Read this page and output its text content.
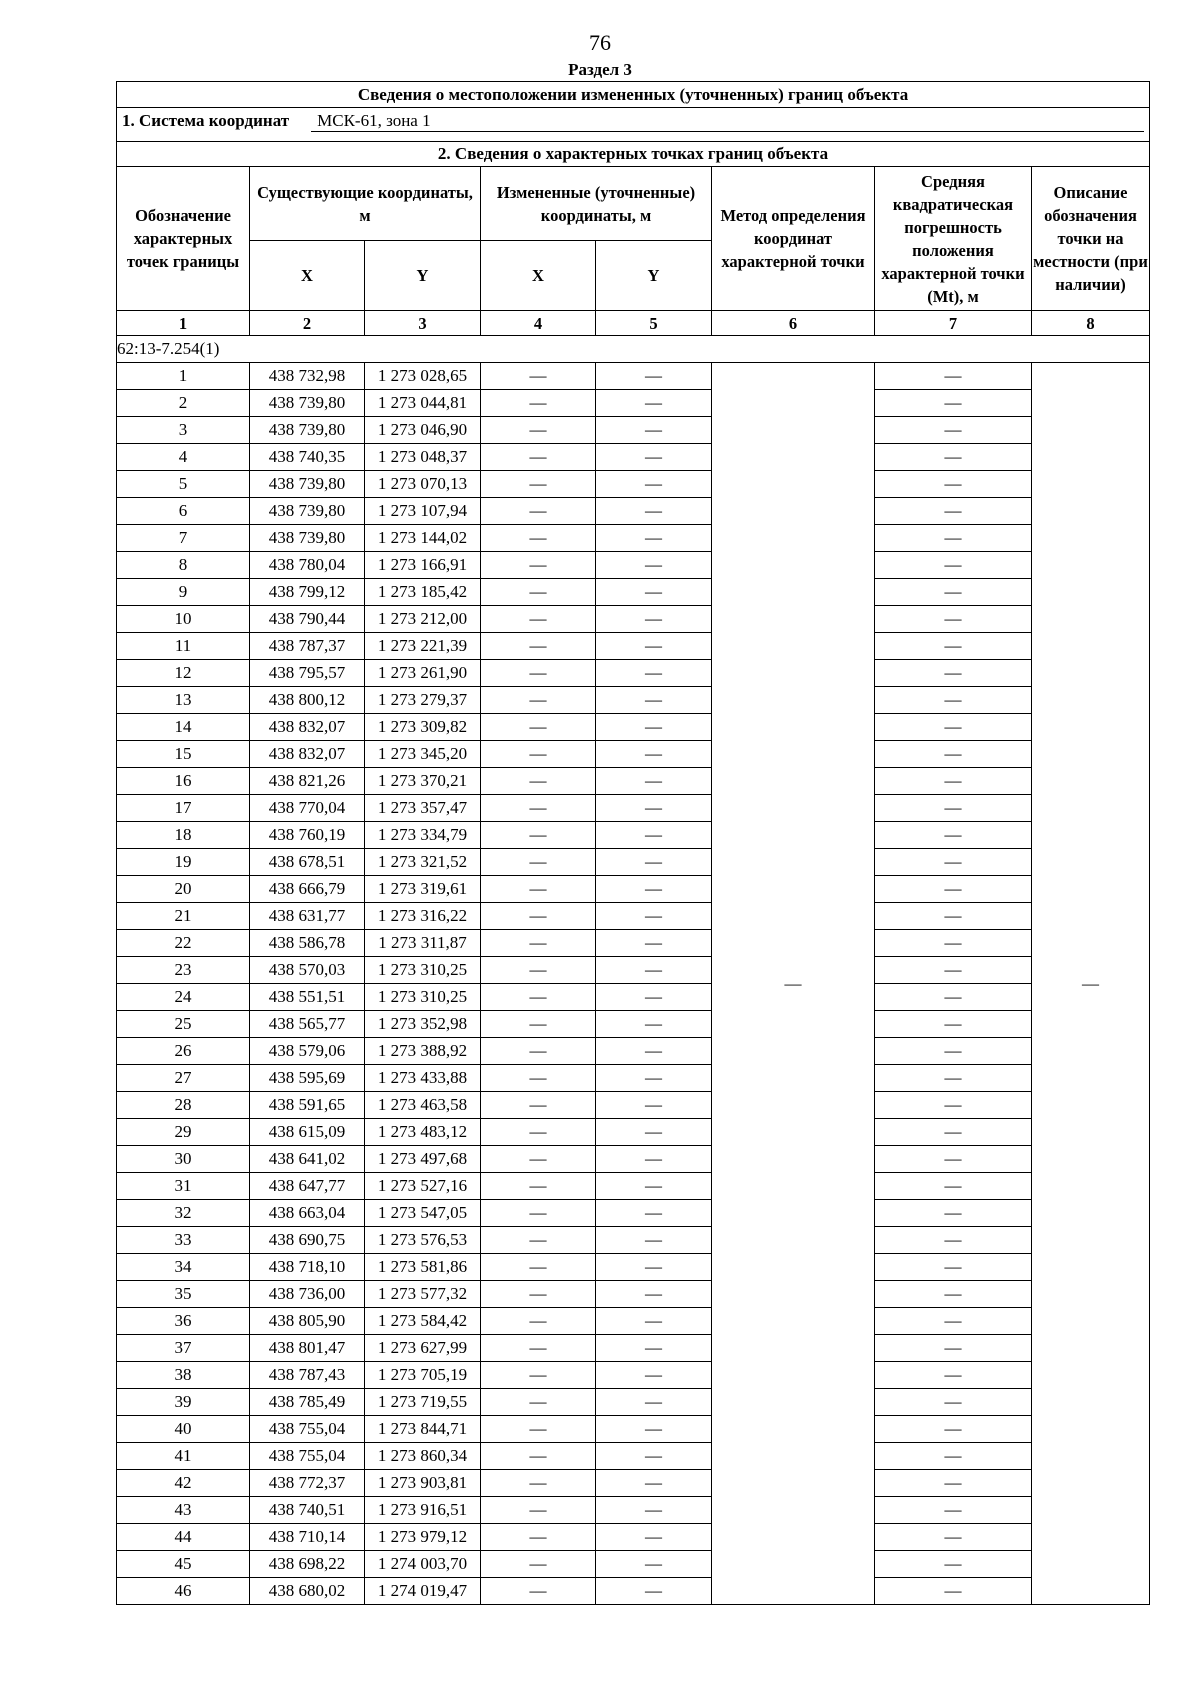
76
Раздел 3
Сведения о местоположении измененных (уточненных) границ объекта							

1. Система координат МСК-61, зона 1							

2. Сведения о характерных точках границ объекта							
Обозначение характерных точек границы	Существующие координаты, м		Измененные (уточненные) координаты, м		Метод определения координат характерной точки	Средняя квадратическая погрешность положения характерной точки (Mt), м	Описание обозначения точки на местности (при наличии)
	X	Y	X	Y			
1	2	3	4	5	6	7	8
62:13-7.254(1)							
1	438 732,98	1 273 028,65	—	—	—	—	—
2	438 739,80	1 273 044,81	—	—		—	
3	438 739,80	1 273 046,90	—	—		—	
4	438 740,35	1 273 048,37	—	—		—	
5	438 739,80	1 273 070,13	—	—		—	
6	438 739,80	1 273 107,94	—	—		—	
7	438 739,80	1 273 144,02	—	—		—	
8	438 780,04	1 273 166,91	—	—		—	
9	438 799,12	1 273 185,42	—	—		—	
10	438 790,44	1 273 212,00	—	—		—	
11	438 787,37	1 273 221,39	—	—		—	
12	438 795,57	1 273 261,90	—	—		—	
13	438 800,12	1 273 279,37	—	—		—	
14	438 832,07	1 273 309,82	—	—		—	
15	438 832,07	1 273 345,20	—	—		—	
16	438 821,26	1 273 370,21	—	—		—	
17	438 770,04	1 273 357,47	—	—		—	
18	438 760,19	1 273 334,79	—	—		—	
19	438 678,51	1 273 321,52	—	—		—	
20	438 666,79	1 273 319,61	—	—		—	
21	438 631,77	1 273 316,22	—	—		—	
22	438 586,78	1 273 311,87	—	—		—	
23	438 570,03	1 273 310,25	—	—		—	
24	438 551,51	1 273 310,25	—	—		—	
25	438 565,77	1 273 352,98	—	—		—	
26	438 579,06	1 273 388,92	—	—		—	
27	438 595,69	1 273 433,88	—	—		—	
28	438 591,65	1 273 463,58	—	—		—	
29	438 615,09	1 273 483,12	—	—		—	
30	438 641,02	1 273 497,68	—	—		—	
31	438 647,77	1 273 527,16	—	—		—	
32	438 663,04	1 273 547,05	—	—		—	
33	438 690,75	1 273 576,53	—	—		—	
34	438 718,10	1 273 581,86	—	—		—	
35	438 736,00	1 273 577,32	—	—		—	
36	438 805,90	1 273 584,42	—	—		—	
37	438 801,47	1 273 627,99	—	—		—	
38	438 787,43	1 273 705,19	—	—		—	
39	438 785,49	1 273 719,55	—	—		—	
40	438 755,04	1 273 844,71	—	—		—	
41	438 755,04	1 273 860,34	—	—		—	
42	438 772,37	1 273 903,81	—	—		—	
43	438 740,51	1 273 916,51	—	—		—	
44	438 710,14	1 273 979,12	—	—		—	
45	438 698,22	1 274 003,70	—	—		—	
46	438 680,02	1 274 019,47	—	—		—	
